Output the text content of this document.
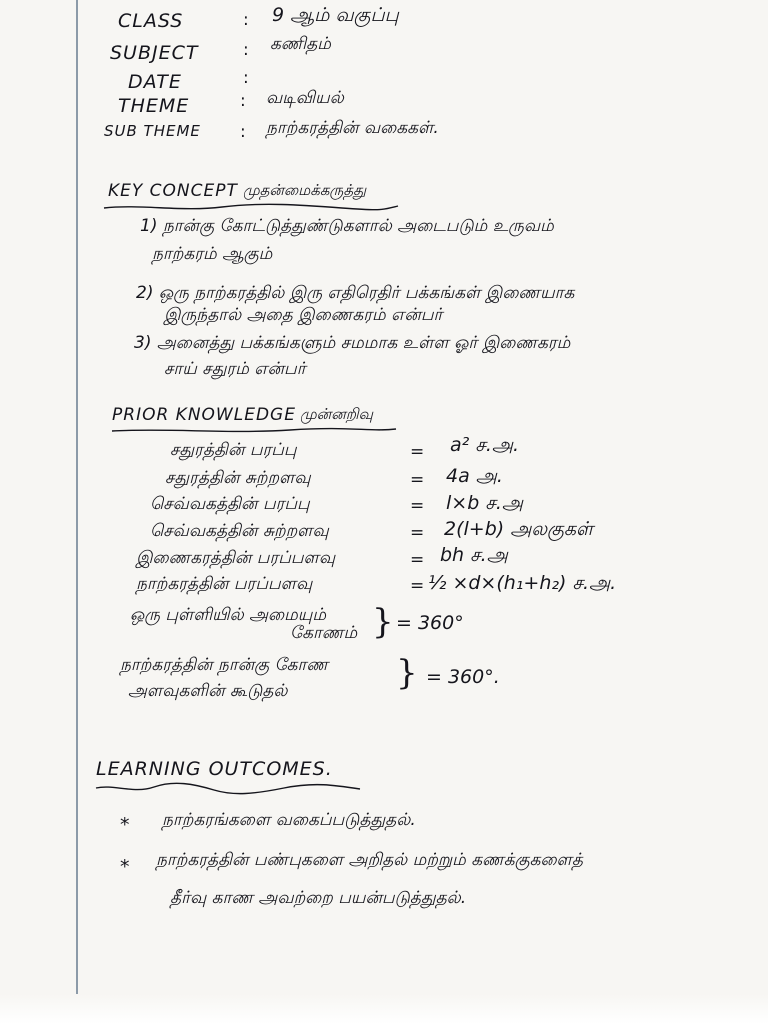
CLASS	: 9 ஆம் வகுப்பு
SUBJECT	: கணிதம்
DATE	:
THEME	: வடிவியல்
SUB THEME : நாற்கரத்தின் வகைகள்.
KEY CONCEPT முதன்மைக்கருத்து
1) நான்கு கோட்டுத்துண்டுகளால் அடைபடும் உருவம்
நாற்கரம் ஆகும்
2) ஒரு நாற்கரத்தில் இரு எதிரெதிர் பக்கங்கள் இணையாக
இருந்தால் அதை இணைகரம் என்பர்
3) அனைத்து பக்கங்களும் சமமாக உள்ள ஓர் இணைகரம்
சாய் சதுரம் என்பர்
PRIOR KNOWLEDGE முன்னறிவு
சதுரத்தின் பரப்பு	= a² ச.அ.
சதுரத்தின் சுற்றளவு	= 4a அ.
செவ்வகத்தின் பரப்பு	= l×b ச.அ
செவ்வகத்தின் சுற்றளவு	= 2(l+b) அலகுகள்
இணைகரத்தின் பரப்பளவு	= bh ச.அ
நாற்கரத்தின் பரப்பளவு	= ½ ×d×(h₁+h₂) ச.அ.
ஒரு புள்ளியில் அமையும்
கோணம் } = 360°
நாற்கரத்தின் நான்கு கோண
அளவுகளின் கூடுதல்	} = 360°.
LEARNING OUTCOMES.
* நாற்கரங்களை வகைப்படுத்துதல்.
* நாற்கரத்தின் பண்புகளை அறிதல் மற்றும் கணக்குகளைத்
தீர்வு காண அவற்றை பயன்படுத்துதல்.
